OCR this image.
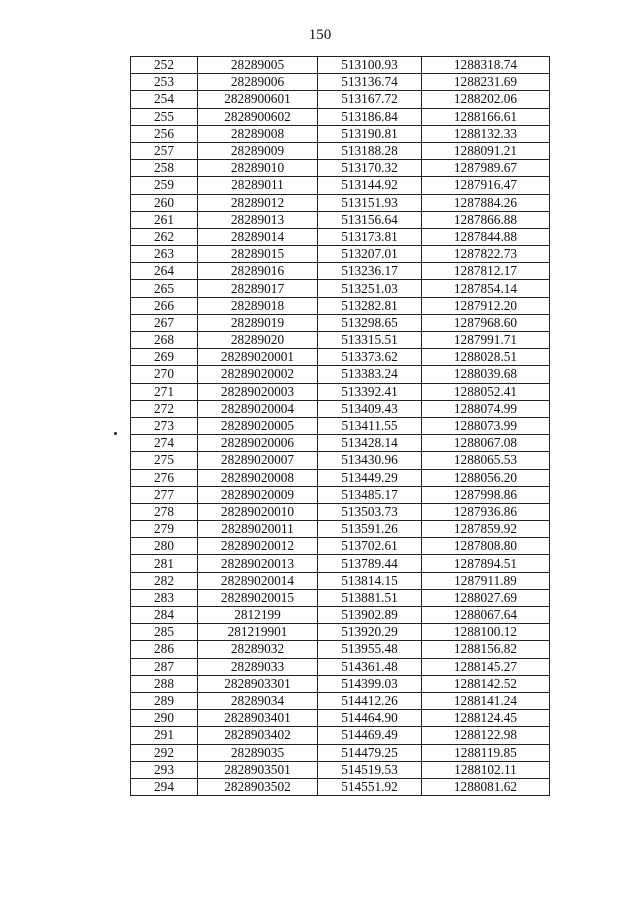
150
252	28289005	513100.93	1288318.74
253	28289006	513136.74	1288231.69
254	2828900601	513167.72	1288202.06
255	2828900602	513186.84	1288166.61
256	28289008	513190.81	1288132.33
257	28289009	513188.28	1288091.21
258	28289010	513170.32	1287989.67
259	28289011	513144.92	1287916.47
260	28289012	513151.93	1287884.26
261	28289013	513156.64	1287866.88
262	28289014	513173.81	1287844.88
263	28289015	513207.01	1287822.73
264	28289016	513236.17	1287812.17
265	28289017	513251.03	1287854.14
266	28289018	513282.81	1287912.20
267	28289019	513298.65	1287968.60
268	28289020	513315.51	1287991.71
269	28289020001	513373.62	1288028.51
270	28289020002	513383.24	1288039.68
271	28289020003	513392.41	1288052.41
272	28289020004	513409.43	1288074.99
273	28289020005	513411.55	1288073.99
274	28289020006	513428.14	1288067.08
275	28289020007	513430.96	1288065.53
276	28289020008	513449.29	1288056.20
277	28289020009	513485.17	1287998.86
278	28289020010	513503.73	1287936.86
279	28289020011	513591.26	1287859.92
280	28289020012	513702.61	1287808.80
281	28289020013	513789.44	1287894.51
282	28289020014	513814.15	1287911.89
283	28289020015	513881.51	1288027.69
284	2812199	513902.89	1288067.64
285	281219901	513920.29	1288100.12
286	28289032	513955.48	1288156.82
287	28289033	514361.48	1288145.27
288	2828903301	514399.03	1288142.52
289	28289034	514412.26	1288141.24
290	2828903401	514464.90	1288124.45
291	2828903402	514469.49	1288122.98
292	28289035	514479.25	1288119.85
293	2828903501	514519.53	1288102.11
294	2828903502	514551.92	1288081.62
